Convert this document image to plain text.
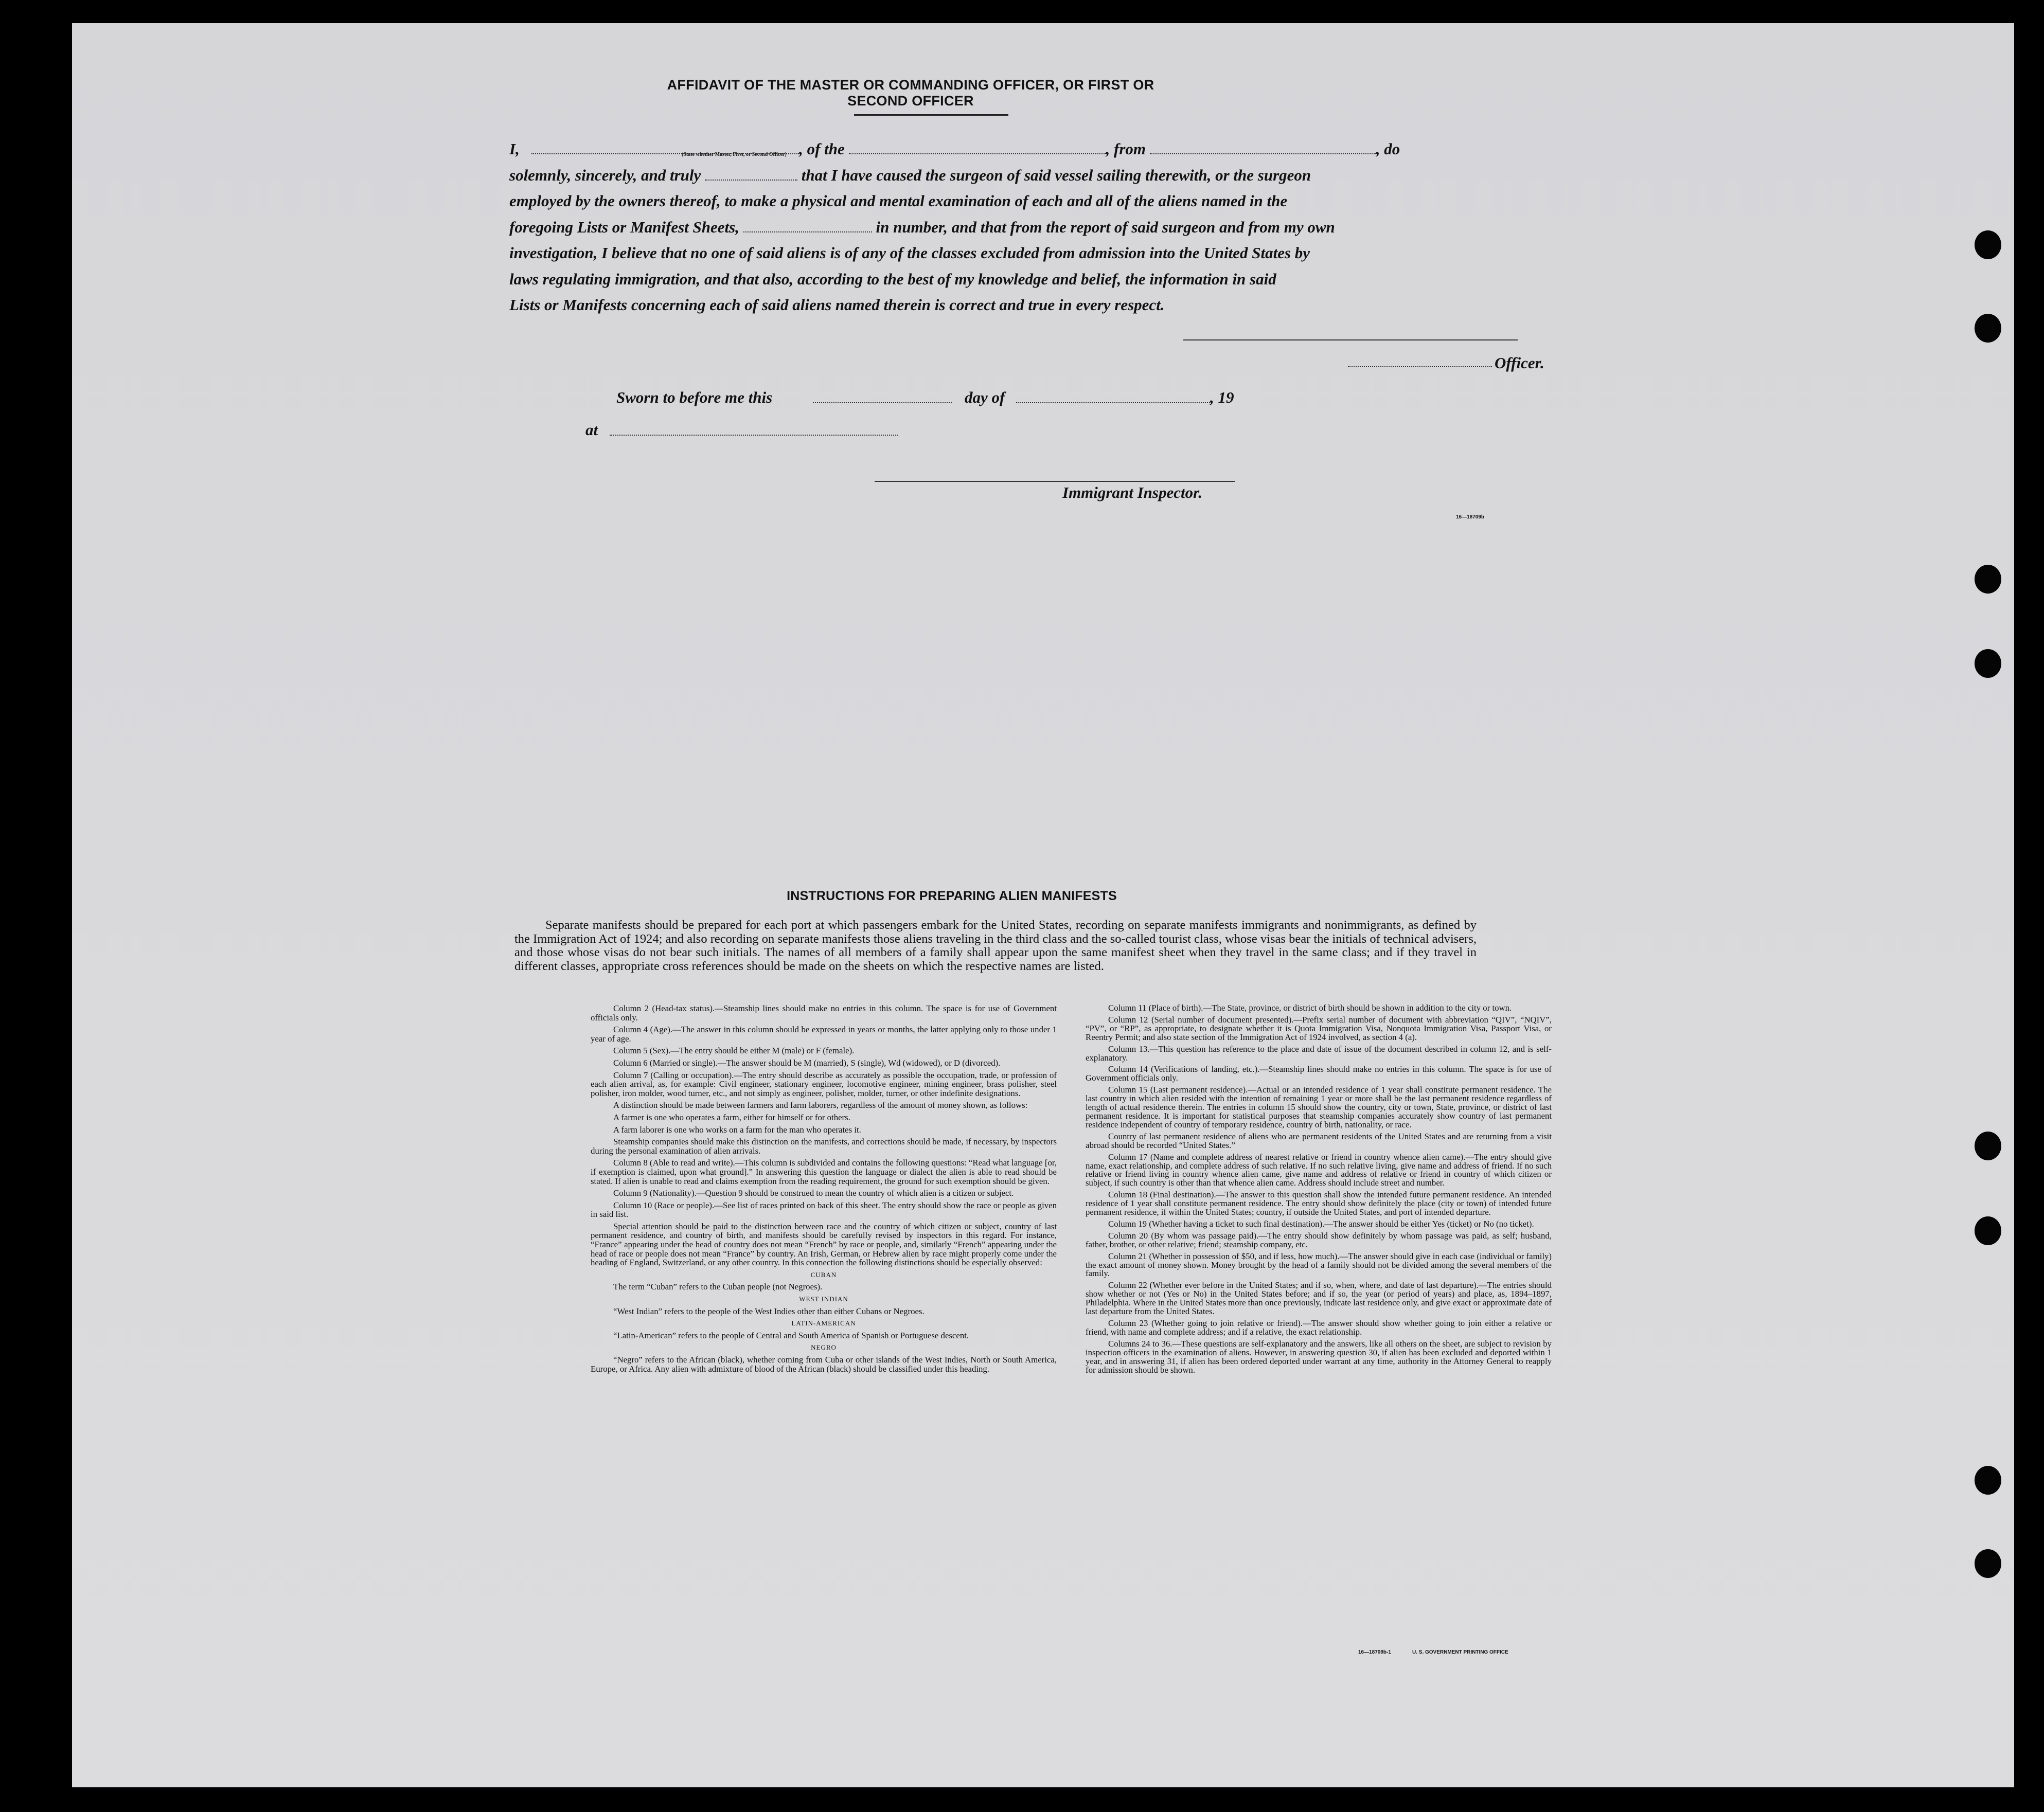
AFFIDAVIT OF THE MASTER OR COMMANDING OFFICER, OR FIRST OR SECOND OFFICER
I,	, of the	, from	, do
solemnly, sincerely, and truly	that I have caused the surgeon of said vessel sailing therewith, or the surgeon
employed by the owners thereof, to make a physical and mental examination of each and all of the aliens named in the
foregoing Lists or Manifest Sheets,	in number, and that from the report of said surgeon and from my own
investigation, I believe that no one of said aliens is of any of the classes excluded from admission into the United States by
laws regulating immigration, and that also, according to the best of my knowledge and belief, the information in said
Lists or Manifests concerning each of said aliens named therein is correct and true in every respect.
(State whether Master, First, or Second Officer)
Officer.
Sworn to before me this	day of	, 19
at
Immigrant Inspector.
16—18709b
INSTRUCTIONS FOR PREPARING ALIEN MANIFESTS
Separate manifests should be prepared for each port at which passengers embark for the United States, recording on separate manifests immigrants and nonimmigrants, as defined by the Immigration Act of 1924; and also recording on separate manifests those aliens traveling in the third class and the so-called tourist class, whose visas bear the initials of technical advisers, and those whose visas do not bear such initials. The names of all members of a family shall appear upon the same manifest sheet when they travel in the same class; and if they travel in different classes, appropriate cross references should be made on the sheets on which the respective names are listed.

Column 2 (Head-tax status).—Steamship lines should make no entries in this column. The space is for use of Government officials only.

Column 4 (Age).—The answer in this column should be expressed in years or months, the latter applying only to those under 1 year of age.

Column 5 (Sex).—The entry should be either M (male) or F (female).

Column 6 (Married or single).—The answer should be M (married), S (single), Wd (widowed), or D (divorced).

Column 7 (Calling or occupation).—The entry should describe as accurately as possible the occupation, trade, or profession of each alien arrival, as, for example: Civil engineer, stationary engineer, locomotive engineer, mining engineer, brass polisher, steel polisher, iron molder, wood turner, etc., and not simply as engineer, polisher, molder, turner, or other indefinite designations.

A distinction should be made between farmers and farm laborers, regardless of the amount of money shown, as follows:

A farmer is one who operates a farm, either for himself or for others.

A farm laborer is one who works on a farm for the man who operates it.

Steamship companies should make this distinction on the manifests, and corrections should be made, if necessary, by inspectors during the personal examination of alien arrivals.

Column 8 (Able to read and write).—This column is subdivided and contains the following questions: “Read what language [or, if exemption is claimed, upon what ground].” In answering this question the language or dialect the alien is able to read should be stated. If alien is unable to read and claims exemption from the reading requirement, the ground for such exemption should be given.

Column 9 (Nationality).—Question 9 should be construed to mean the country of which alien is a citizen or subject.

Column 10 (Race or people).—See list of races printed on back of this sheet. The entry should show the race or people as given in said list.

Special attention should be paid to the distinction between race and the country of which citizen or subject, country of last permanent residence, and country of birth, and manifests should be carefully revised by inspectors in this regard. For instance, “France” appearing under the head of country does not mean “French” by race or people, and, similarly “French” appearing under the head of race or people does not mean “France” by country. An Irish, German, or Hebrew alien by race might properly come under the heading of England, Switzerland, or any other country. In this connection the following distinctions should be especially observed:

CUBAN

The term “Cuban” refers to the Cuban people (not Negroes).

WEST INDIAN

“West Indian” refers to the people of the West Indies other than either Cubans or Negroes.

LATIN-AMERICAN

“Latin-American” refers to the people of Central and South America of Spanish or Portuguese descent.

NEGRO

“Negro” refers to the African (black), whether coming from Cuba or other islands of the West Indies, North or South America, Europe, or Africa. Any alien with admixture of blood of the African (black) should be classified under this heading.

Column 11 (Place of birth).—The State, province, or district of birth should be shown in addition to the city or town.

Column 12 (Serial number of document presented).—Prefix serial number of document with abbreviation “QIV”, “NQIV”, “PV”, or “RP”, as appropriate, to designate whether it is Quota Immigration Visa, Nonquota Immigration Visa, Passport Visa, or Reentry Permit; and also state section of the Immigration Act of 1924 involved, as section 4 (a).

Column 13.—This question has reference to the place and date of issue of the document described in column 12, and is self-explanatory.

Column 14 (Verifications of landing, etc.).—Steamship lines should make no entries in this column. The space is for use of Government officials only.

Column 15 (Last permanent residence).—Actual or an intended residence of 1 year shall constitute permanent residence. The last country in which alien resided with the intention of remaining 1 year or more shall be the last permanent residence regardless of length of actual residence therein. The entries in column 15 should show the country, city or town, State, province, or district of last permanent residence. It is important for statistical purposes that steamship companies accurately show country of last permanent residence independent of country of temporary residence, country of birth, nationality, or race.

Country of last permanent residence of aliens who are permanent residents of the United States and are returning from a visit abroad should be recorded “United States.”

Column 17 (Name and complete address of nearest relative or friend in country whence alien came).—The entry should give name, exact relationship, and complete address of such relative. If no such relative living, give name and address of friend. If no such relative or friend living in country whence alien came, give name and address of relative or friend in country of which citizen or subject, if such country is other than that whence alien came. Address should include street and number.

Column 18 (Final destination).—The answer to this question shall show the intended future permanent residence. An intended residence of 1 year shall constitute permanent residence. The entry should show definitely the place (city or town) of intended future permanent residence, if within the United States; country, if outside the United States, and port of intended departure.

Column 19 (Whether having a ticket to such final destination).—The answer should be either Yes (ticket) or No (no ticket).

Column 20 (By whom was passage paid).—The entry should show definitely by whom passage was paid, as self; husband, father, brother, or other relative; friend; steamship company, etc.

Column 21 (Whether in possession of $50, and if less, how much).—The answer should give in each case (individual or family) the exact amount of money shown. Money brought by the head of a family should not be divided among the several members of the family.

Column 22 (Whether ever before in the United States; and if so, when, where, and date of last departure).—The entries should show whether or not (Yes or No) in the United States before; and if so, the year (or period of years) and place, as, 1894–1897, Philadelphia. Where in the United States more than once previously, indicate last residence only, and give exact or approximate date of last departure from the United States.

Column 23 (Whether going to join relative or friend).—The answer should show whether going to join either a relative or friend, with name and complete address; and if a relative, the exact relationship.

Columns 24 to 36.—These questions are self-explanatory and the answers, like all others on the sheet, are subject to revision by inspection officers in the examination of aliens. However, in answering question 30, if alien has been excluded and deported within 1 year, and in answering 31, if alien has been ordered deported under warrant at any time, authority in the Attorney General to reapply for admission should be shown.

16—18709b-1	U. S. GOVERNMENT PRINTING OFFICE
